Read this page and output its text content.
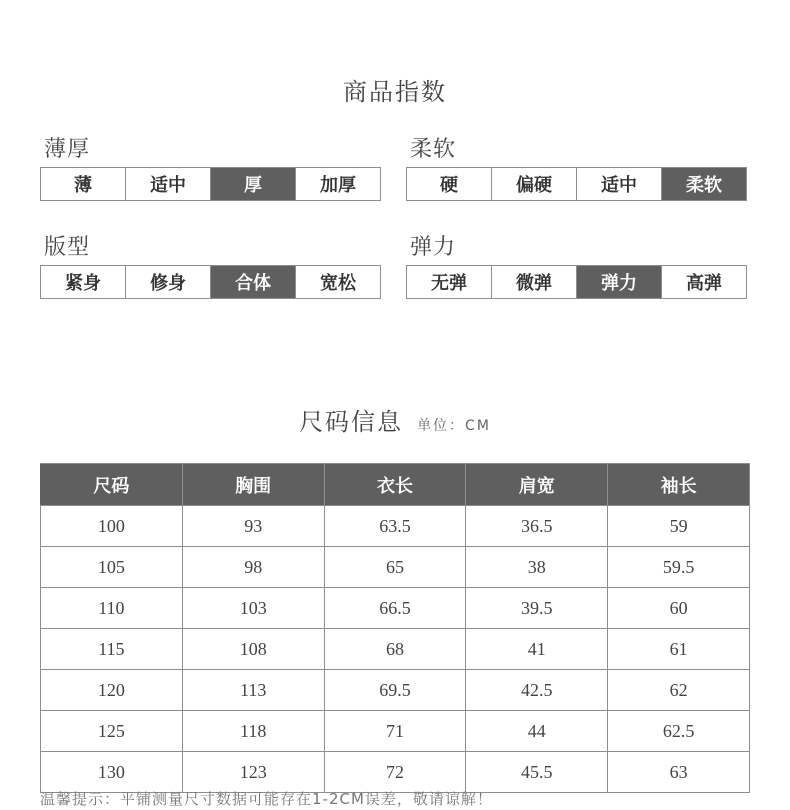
商品指数
薄厚
薄	适中	厚	加厚
柔软
硬	偏硬	适中	柔软
版型
紧身	修身	合体	宽松
弹力
无弹	微弹	弹力	高弹
尺码信息 单位：CM
尺码	胸围	衣长	肩宽	袖长
100	93	63.5	36.5	59
105	98	65	38	59.5
110	103	66.5	39.5	60
115	108	68	41	61
120	113	69.5	42.5	62
125	118	71	44	62.5
130	123	72	45.5	63
温馨提示：平铺测量尺寸数据可能存在1-2CM误差，敬请谅解！
